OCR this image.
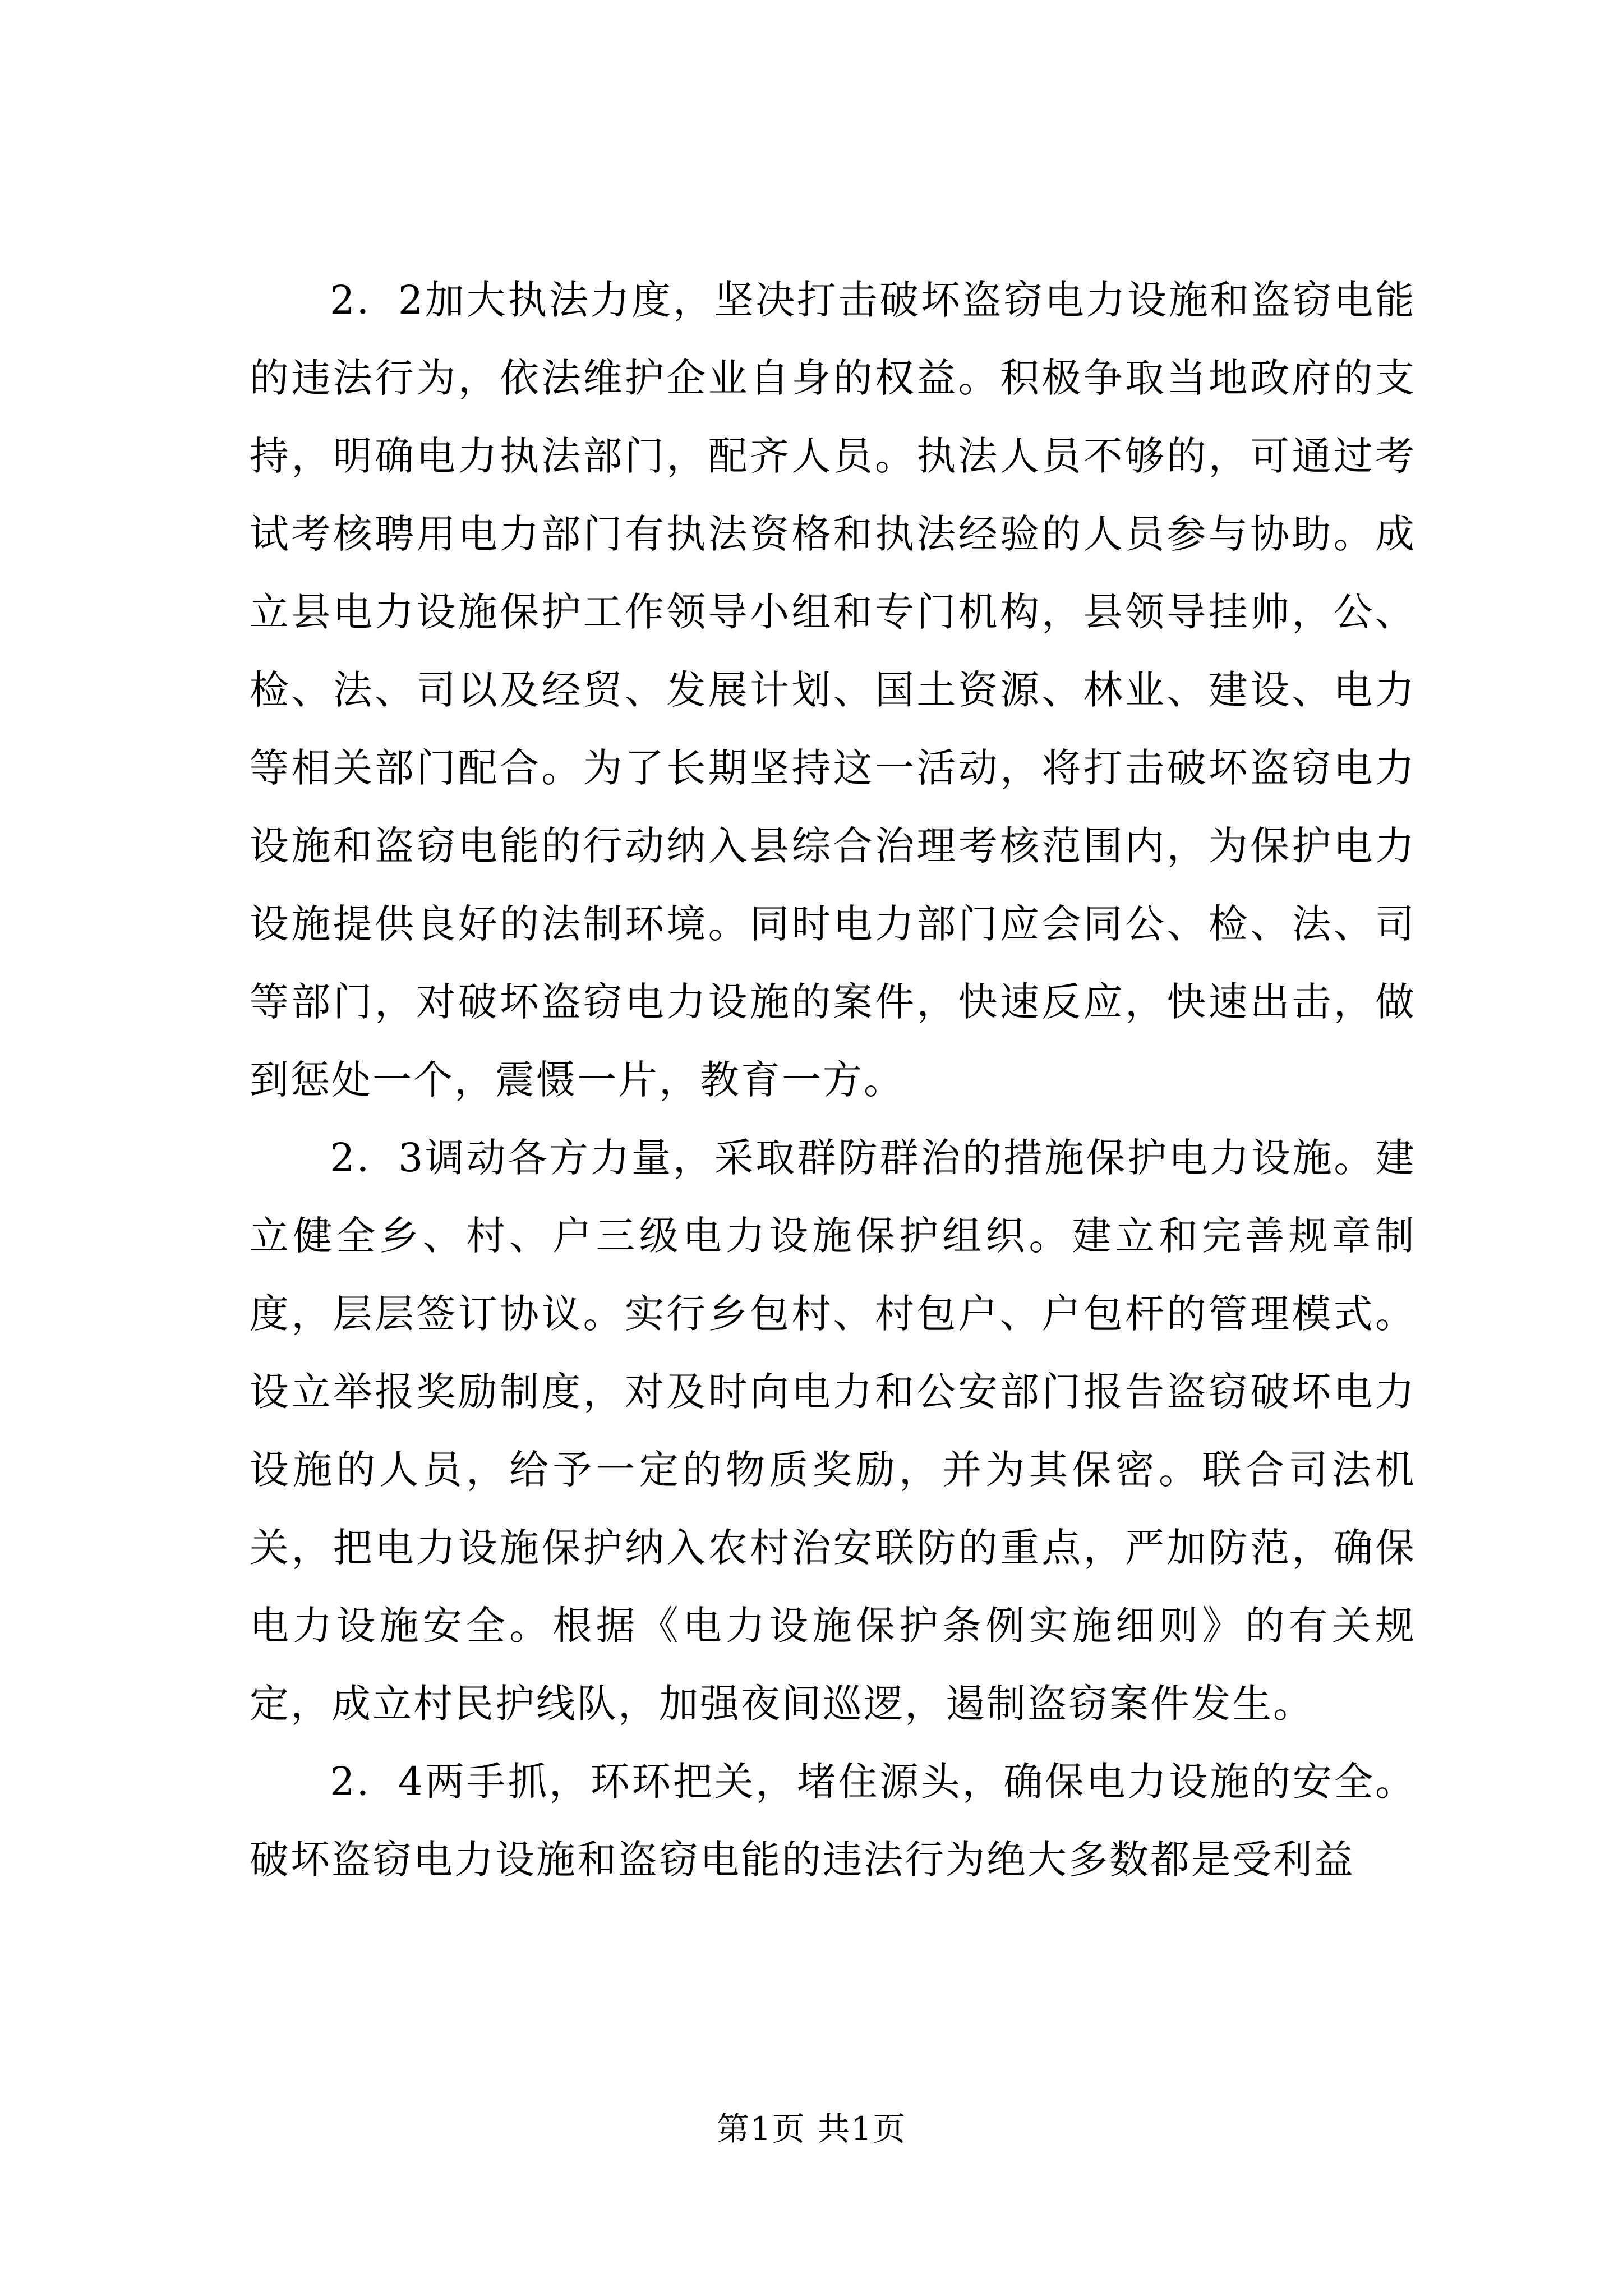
2．2加大执法力度，坚决打击破坏盗窃电力设施和盗窃电能的违法行为，依法维护企业自身的权益。积极争取当地政府的支持，明确电力执法部门，配齐人员。执法人员不够的，可通过考试考核聘用电力部门有执法资格和执法经验的人员参与协助。成立县电力设施保护工作领导小组和专门机构，县领导挂帅，公、检、法、司以及经贸、发展计划、国土资源、林业、建设、电力等相关部门配合。为了长期坚持这一活动，将打击破坏盗窃电力设施和盗窃电能的行动纳入县综合治理考核范围内，为保护电力设施提供良好的法制环境。同时电力部门应会同公、检、法、司等部门，对破坏盗窃电力设施的案件，快速反应，快速出击，做到惩处一个，震慑一片，教育一方。

2．3调动各方力量，采取群防群治的措施保护电力设施。建立健全乡、村、户三级电力设施保护组织。建立和完善规章制度，层层签订协议。实行乡包村、村包户、户包杆的管理模式。设立举报奖励制度，对及时向电力和公安部门报告盗窃破坏电力设施的人员，给予一定的物质奖励，并为其保密。联合司法机关，把电力设施保护纳入农村治安联防的重点，严加防范，确保电力设施安全。根据《电力设施保护条例实施细则》的有关规定，成立村民护线队，加强夜间巡逻，遏制盗窃案件发生。

2．4两手抓，环环把关，堵住源头，确保电力设施的安全。破坏盗窃电力设施和盗窃电能的违法行为绝大多数都是受利益

第1页 共1页
